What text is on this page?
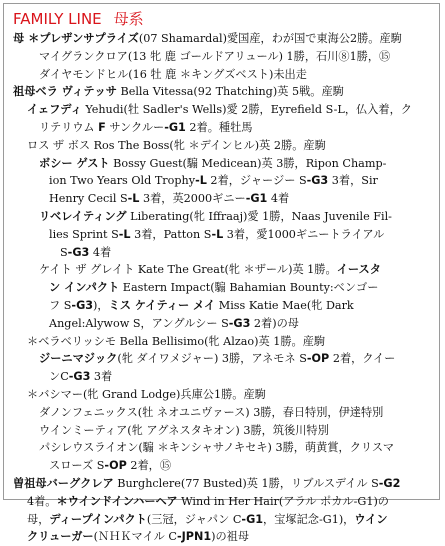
FAMILY LINE 母系
母 ＊プレザンサプライズ(07 Shamardal)愛国産，わが国で東海公2勝。産駒
マイグランクロア(13 牝 鹿 ゴールドアリュール) 1勝，石川⑧1勝，⑮
ダイヤモンドヒル(16 牡 鹿 ＊キングズベスト)未出走
祖母ベラ ヴィテッサ Bella Vitessa(92 Thatching)英 5戦。産駒
イェフディ Yehudi(牡 Sadler's Wells)愛 2勝，Eyrefield S-L，仏入着，ク
リテリウム F サンクルー-G1 2着。種牡馬
ロス ザ ボス Ros The Boss(牝 ＊デインヒル)英 2勝。産駒
ボシー ゲスト Bossy Guest(騸 Medicean)英 3勝，Ripon Champ-
ion Two Years Old Trophy-L 2着，ジャージー S-G3 3着，Sir
Henry Cecil S-L 3着，英2000ギニー-G1 4着
リベレイティング Liberating(牝 Iffraaj)愛 1勝，Naas Juvenile Fil-
lies Sprint S-L 3着，Patton S-L 3着，愛1000ギニートライアル
S-G3 4着
ケイト ザ グレイト Kate The Great(牝 ＊ザール)英 1勝。イースタ
ン インパクト Eastern Impact(騸 Bahamian Bounty:ベンゴー
フ S-G3)，ミス ケイティー メイ Miss Katie Mae(牝 Dark
Angel:Alywow S，アングルシー S-G3 2着)の母
＊ベラベリッシモ Bella Bellisimo(牝 Alzao)英 1勝。産駒
ジーニマジック(牝 ダイワメジャー) 3勝，アネモネ S-OP 2着，クイー
ンC-G3 3着
＊バシマー(牝 Grand Lodge)兵庫公1勝。産駒
ダノンフェニックス(牡 ネオユニヴァース) 3勝，春日特別，伊達特別
ウインミーティア(牝 アグネスタキオン) 3勝，筑後川特別
パシレウスライオン(騸 ＊キンシャサノキセキ) 3勝，萌黄賞，クリスマ
スローズ S-OP 2着，⑮
曽祖母バーグクレア Burghclere(77 Busted)英 1勝，リブルスデイル S-G2
4着。＊ウインドインハーヘア Wind in Her Hair(アラル ポカル-G1)の
母，ディープインパクト(三冠，ジャパン C-G1，宝塚記念-G1)，ウイン
クリューガー(ＮＨＫマイル C-JPN1)の祖母
